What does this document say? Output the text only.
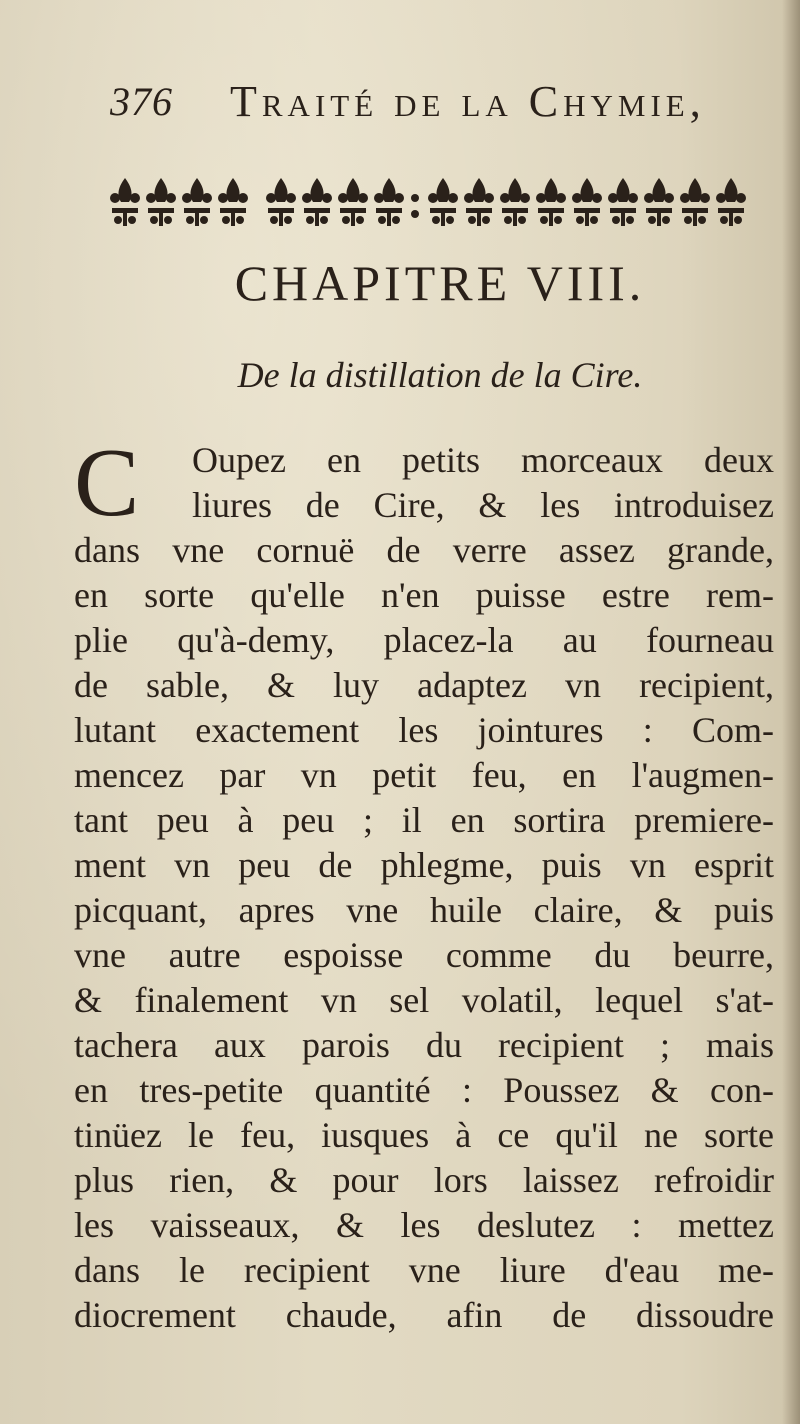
376 Traité de la Chymie,
CHAPITRE VIII.
De la distillation de la Cire.
C	Oupez en petits morceaux deux
liures de Cire, & les introduisez
dans vne cornuë de verre assez grande,
en sorte qu'elle n'en puisse estre rem-
plie qu'à-demy, placez-la au fourneau
de sable, & luy adaptez vn recipient,
lutant exactement les jointures : Com-
mencez par vn petit feu, en l'augmen-
tant peu à peu ; il en sortira premiere-
ment vn peu de phlegme, puis vn esprit
picquant, apres vne huile claire, & puis
vne autre espoisse comme du beurre,
& finalement vn sel volatil, lequel s'at-
tachera aux parois du recipient ; mais
en tres-petite quantité : Poussez & con-
tinüez le feu, iusques à ce qu'il ne sorte
plus rien, & pour lors laissez refroidir
les vaisseaux, & les deslutez : mettez
dans le recipient vne liure d'eau me-
diocrement chaude, afin de dissoudre
